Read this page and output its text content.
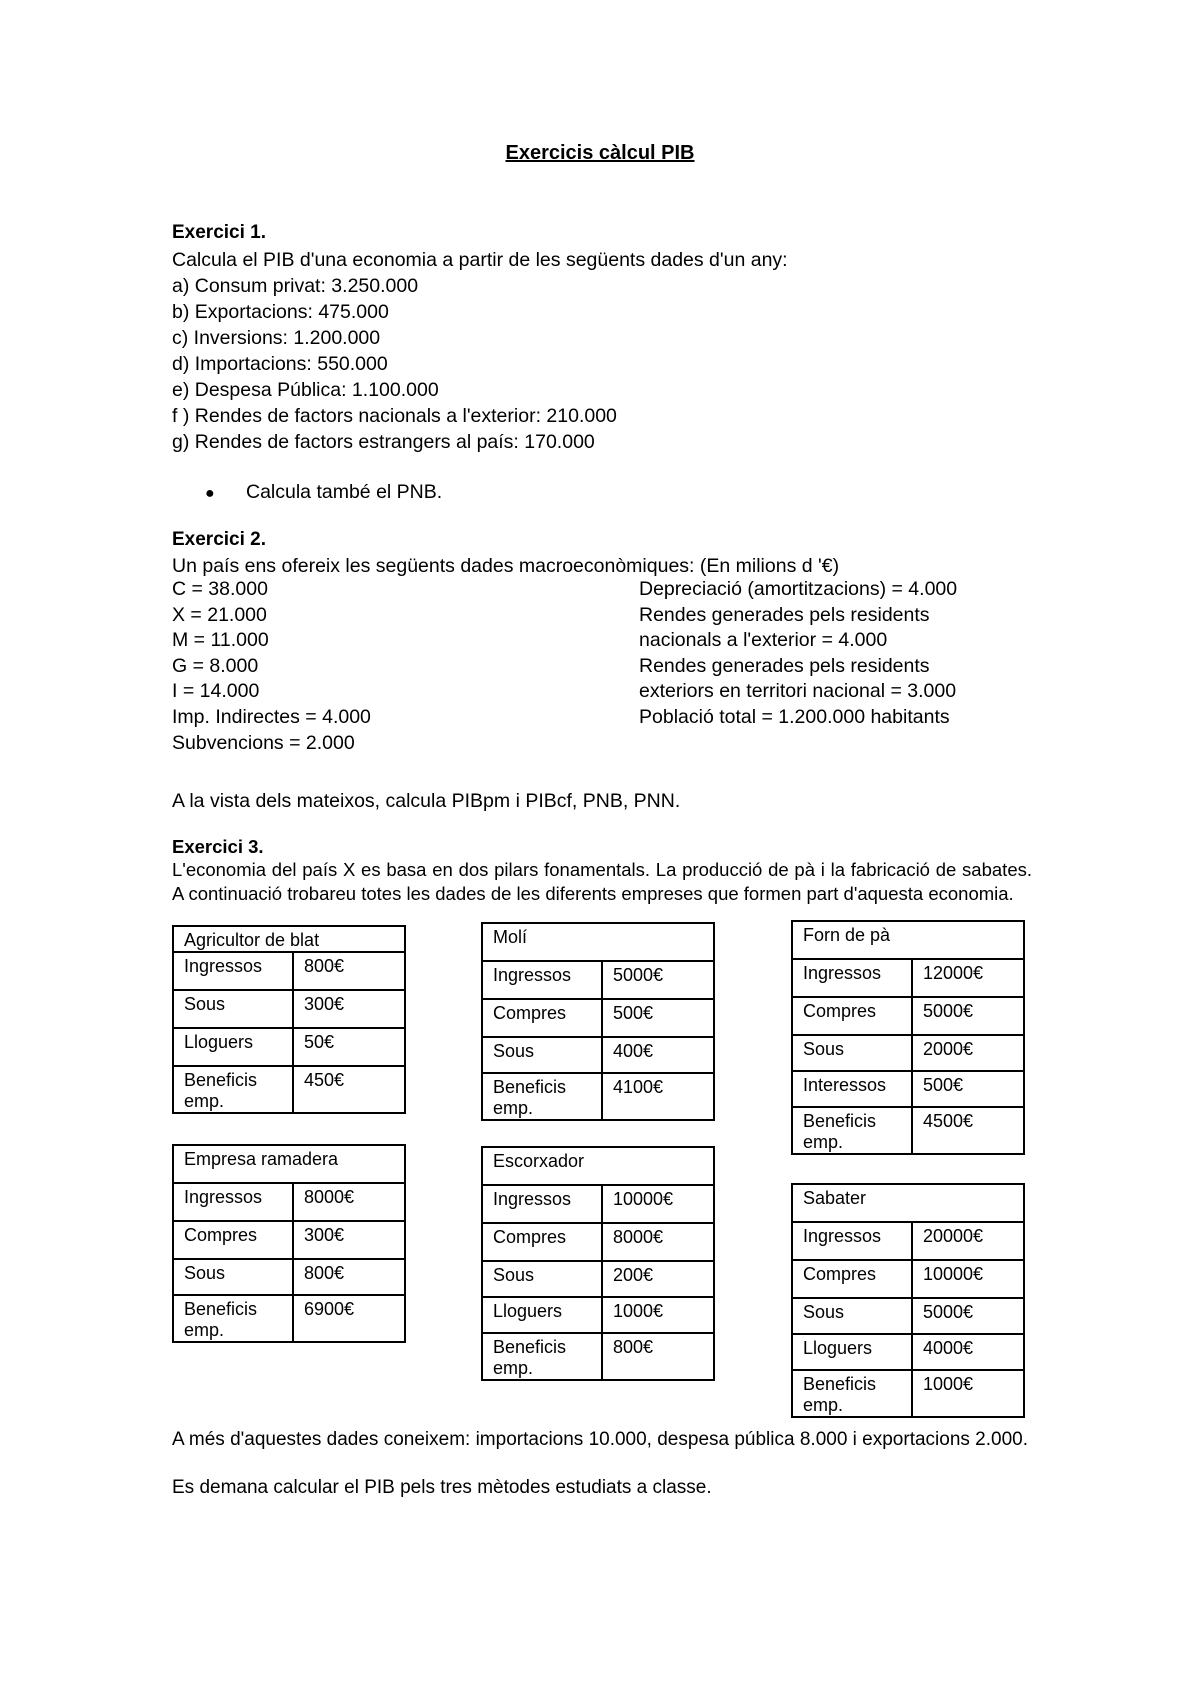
Exercicis càlcul PIB
Exercici 1.
Calcula el PIB d'una economia a partir de les següents dades d'un any:
a) Consum privat: 3.250.000
b) Exportacions: 475.000
c) Inversions: 1.200.000
d) Importacions: 550.000
e) Despesa Pública: 1.100.000
f ) Rendes de factors nacionals a l'exterior: 210.000
g) Rendes de factors estrangers al país: 170.000
● Calcula també el PNB.
Exercici 2.
Un país ens ofereix les següents dades macroeconòmiques: (En milions d '€)
C = 38.000
X = 21.000
M = 11.000
G = 8.000
I = 14.000
Imp. Indirectes = 4.000
Subvencions = 2.000
Depreciació (amortitzacions) = 4.000
Rendes generades pels residents
nacionals a l'exterior = 4.000
Rendes generades pels residents
exteriors en territori nacional = 3.000
Població total = 1.200.000 habitants
A la vista dels mateixos, calcula PIBpm i PIBcf, PNB, PNN.
Exercici 3.

L'economia del país X es basa en dos pilars fonamentals. La producció de pà i la fabricació de sabates. A continuació trobareu totes les dades de les diferents empreses que formen part d'aquesta economia.

Agricultor de blat	
Ingressos	800€
Sous	300€
Lloguers	50€
Beneficis emp.	450€
Molí	
Ingressos	5000€
Compres	500€
Sous	400€
Beneficis emp.	4100€
Forn de pà	
Ingressos	12000€
Compres	5000€
Sous	2000€
Interessos	500€
Beneficis emp.	4500€
Empresa ramadera	
Ingressos	8000€
Compres	300€
Sous	800€
Beneficis emp.	6900€
Escorxador	
Ingressos	10000€
Compres	8000€
Sous	200€
Lloguers	1000€
Beneficis emp.	800€
Sabater	
Ingressos	20000€
Compres	10000€
Sous	5000€
Lloguers	4000€
Beneficis emp.	1000€
A més d'aquestes dades coneixem: importacions 10.000, despesa pública 8.000 i exportacions 2.000.
Es demana calcular el PIB pels tres mètodes estudiats a classe.
